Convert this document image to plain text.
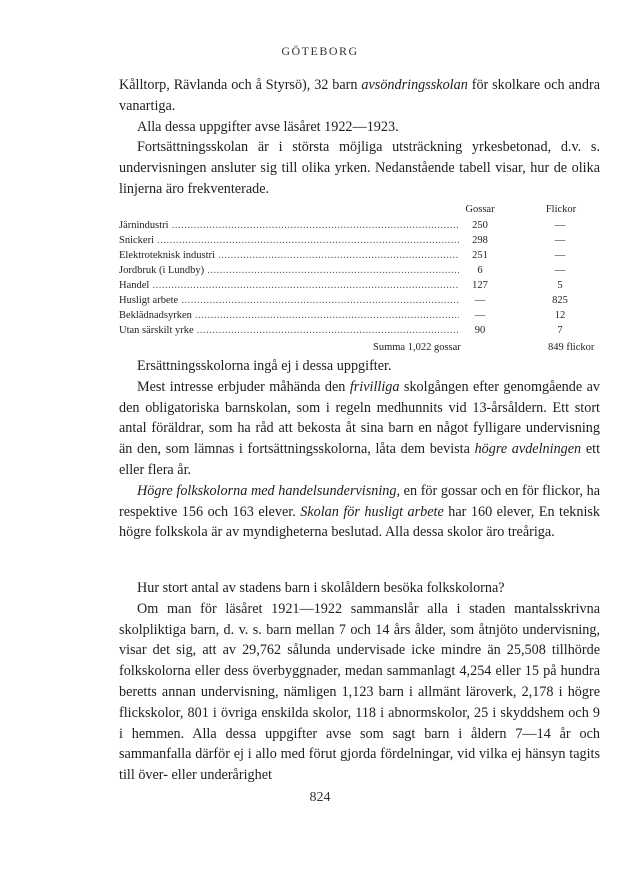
GÖTEBORG

Kålltorp, Rävlanda och å Styrsö), 32 barn avsöndringsskolan för skolkare och andra vanartiga.

Alla dessa uppgifter avse läsåret 1922—1923.

Fortsättningsskolan är i största möjliga utsträckning yrkesbetonad, d.v. s. undervisningen ansluter sig till olika yrken. Nedanstående tabell visar, hur de olika linjerna äro frekventerade.

Gossar	Flickor
Järnindustri .....	250	—
Snickeri .....	298	—
Elektroteknisk industri .....	251	—
Jordbruk (i Lundby) .....	6	—
Handel .....	127	5
Husligt arbete .....	—	825
Beklädnadsyrken .....	—	12
Utan särskilt yrke .....	90	7
Summa 1,022 gossar	849 flickor

Ersättningsskolorna ingå ej i dessa uppgifter.

Mest intresse erbjuder måhända den frivilliga skolgången efter genomgående av den obligatoriska barnskolan, som i regeln medhunnits vid 13-årsåldern. Ett stort antal föräldrar, som ha råd att bekosta åt sina barn en något fylligare undervisning än den, som lämnas i fortsättningsskolorna, låta dem bevista högre avdelningen ett eller flera år.

Högre folkskolorna med handelsundervisning, en för gossar och en för flickor, ha respektive 156 och 163 elever. Skolan för husligt arbete har 160 elever, En teknisk högre folkskola är av myndigheterna beslutad. Alla dessa skolor äro treåriga.

Hur stort antal av stadens barn i skolåldern besöka folkskolorna?

Om man för läsåret 1921—1922 sammanslår alla i staden mantalsskrivna skolpliktiga barn, d. v. s. barn mellan 7 och 14 års ålder, som åtnjöto undervisning, visar det sig, att av 29,762 sålunda undervisade icke mindre än 25,508 tillhörde folkskolorna eller dess överbyggnader, medan sammanlagt 4,254 eller 15 på hundra beretts annan undervisning, nämligen 1,123 barn i allmänt läroverk, 2,178 i högre flickskolor, 801 i övriga enskilda skolor, 118 i abnormskolor, 25 i skyddshem och 9 i hemmen. Alla dessa uppgifter avse som sagt barn i åldern 7—14 år och sammanfalla därför ej i allo med förut gjorda fördelningar, vid vilka ej hänsyn tagits till över- eller underårighet

824
